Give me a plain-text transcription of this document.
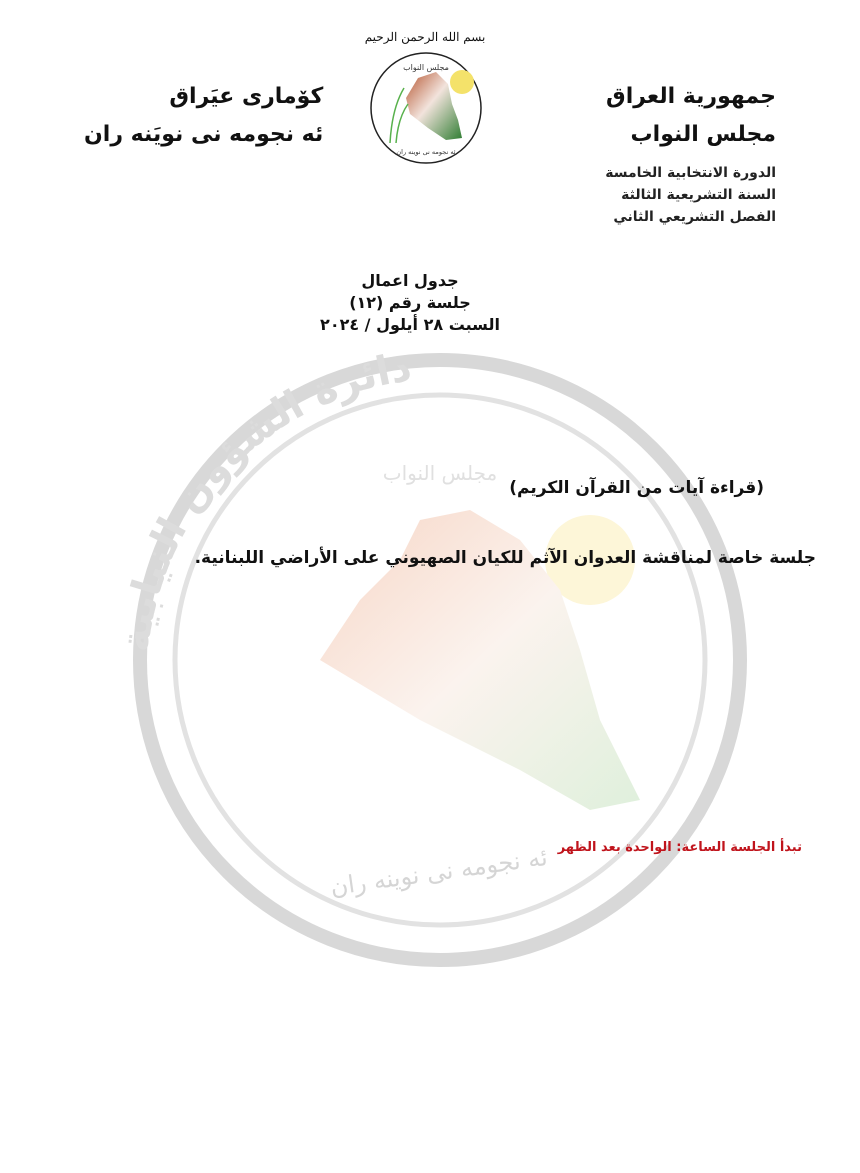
دائرة الشؤون النيابية
ئه نجومه نى نوينه ران
مجلس النواب
بسم الله الرحمن الرحيم
مجلس النواب
ئه نجومه نى نوينه ران
جمهورية العراق
مجلس النواب
الدورة الانتخابية الخامسة
السنة التشريعية الثالثة
الفصل التشريعي الثاني
كۆماری عيَراق
ئه نجومه نى نويَنه ران
جدول اعمال
جلسة رقم (١٢)
السبت ٢٨ أيلول / ٢٠٢٤
(قراءة آيات من القرآن الكريم)
جلسة خاصة لمناقشة العدوان الآثم للكيان الصهيوني على الأراضي اللبنانية.
تبدأ الجلسة الساعة: الواحدة بعد الظهر
